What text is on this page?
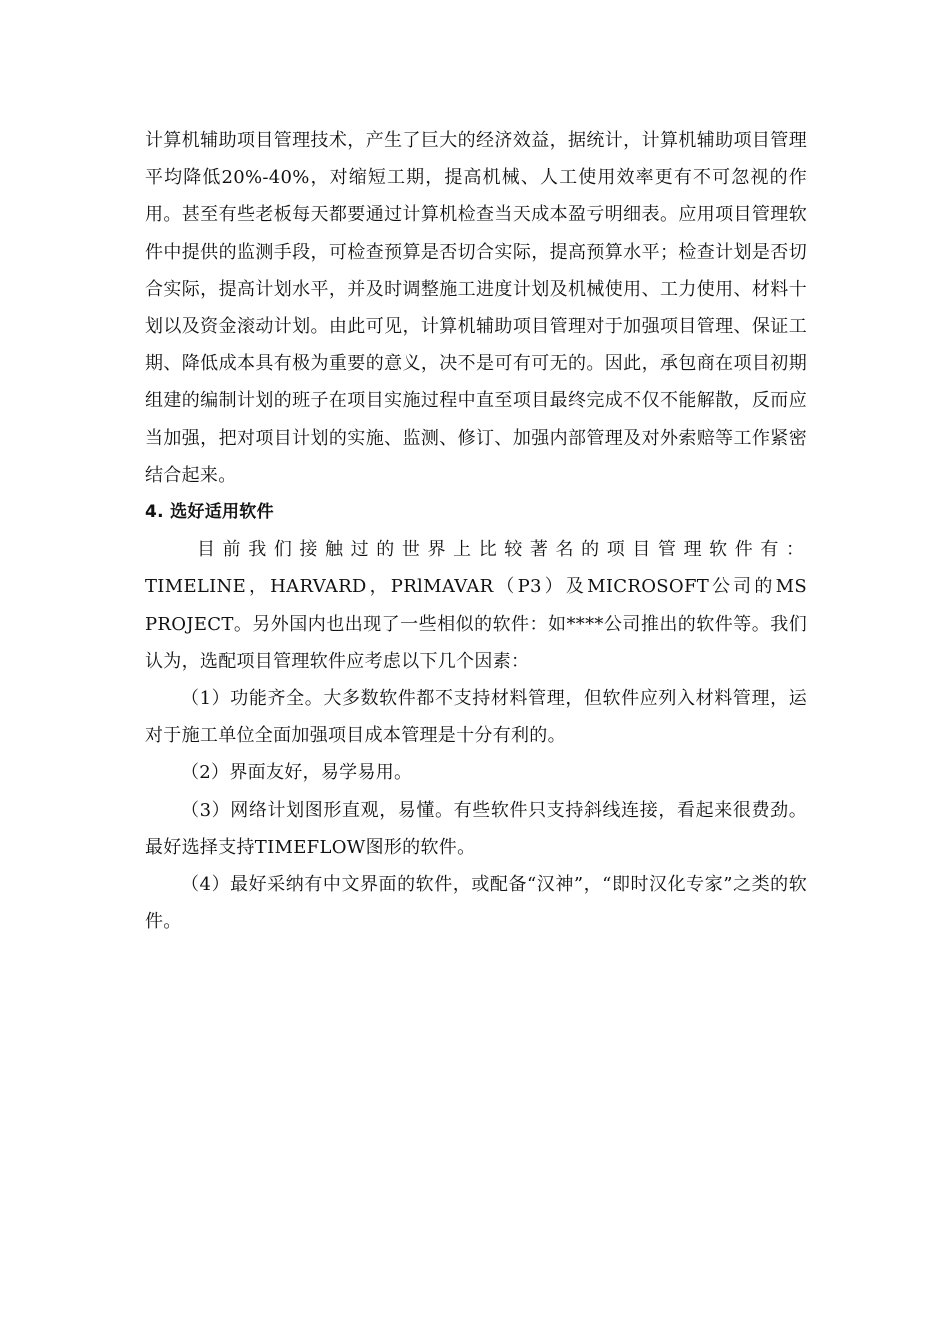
计算机辅助项目管理技术，产生了巨大的经济效益，据统计，计算机辅助项目管理平均降低20%-40%，对缩短工期，提高机械、人工使用效率更有不可忽视的作用。甚至有些老板每天都要通过计算机检查当天成本盈亏明细表。应用项目管理软件中提供的监测手段，可检查预算是否切合实际，提高预算水平；检查计划是否切合实际，提高计划水平，并及时调整施工进度计划及机械使用、工力使用、材料十划以及资金滚动计划。由此可见，计算机辅助项目管理对于加强项目管理、保证工期、降低成本具有极为重要的意义，决不是可有可无的。因此，承包商在项目初期组建的编制计划的班子在项目实施过程中直至项目最终完成不仅不能解散，反而应当加强，把对项目计划的实施、监测、修订、加强内部管理及对外索赔等工作紧密结合起来。

4. 选好适用软件

目前我们接触过的世界上比较著名的项目管理软件有：
TIMELINE，HARVARD，PRlMAVAR（P3）及MICROSOFT公司的MS PROJECT。另外国内也出现了一些相似的软件：如****公司推出的软件等。我们认为，选配项目管理软件应考虑以下几个因素：

（1）功能齐全。大多数软件都不支持材料管理，但软件应列入材料管理，运对于施工单位全面加强项目成本管理是十分有利的。

（2）界面友好，易学易用。

（3）网络计划图形直观，易懂。有些软件只支持斜线连接，看起来很费劲。最好选择支持TIMEFLOW图形的软件。

（4）最好采纳有中文界面的软件，或配备“汉神”，“即时汉化专家”之类的软件。
